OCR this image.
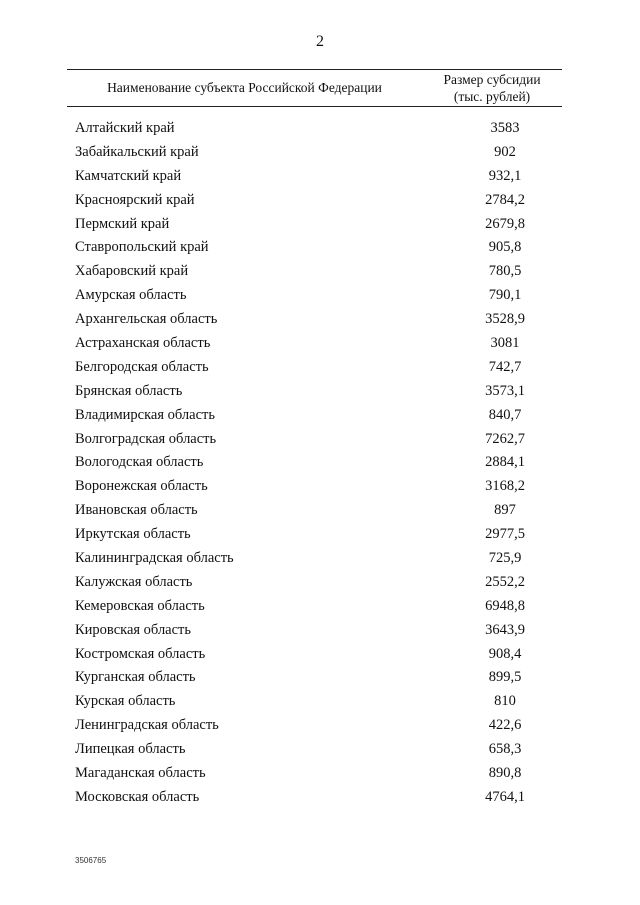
2
Наименование субъекта Российской Федерации
Размер субсидии
(тыс. рублей)
Алтайский край	3583
Забайкальский край	902
Камчатский край	932,1
Красноярский край	2784,2
Пермский край	2679,8
Ставропольский край	905,8
Хабаровский край	780,5
Амурская область	790,1
Архангельская область	3528,9
Астраханская область	3081
Белгородская область	742,7
Брянская область	3573,1
Владимирская область	840,7
Волгоградская область	7262,7
Вологодская область	2884,1
Воронежская область	3168,2
Ивановская область	897
Иркутская область	2977,5
Калининградская область	725,9
Калужская область	2552,2
Кемеровская область	6948,8
Кировская область	3643,9
Костромская область	908,4
Курганская область	899,5
Курская область	810
Ленинградская область	422,6
Липецкая область	658,3
Магаданская область	890,8
Московская область	4764,1
3506765
